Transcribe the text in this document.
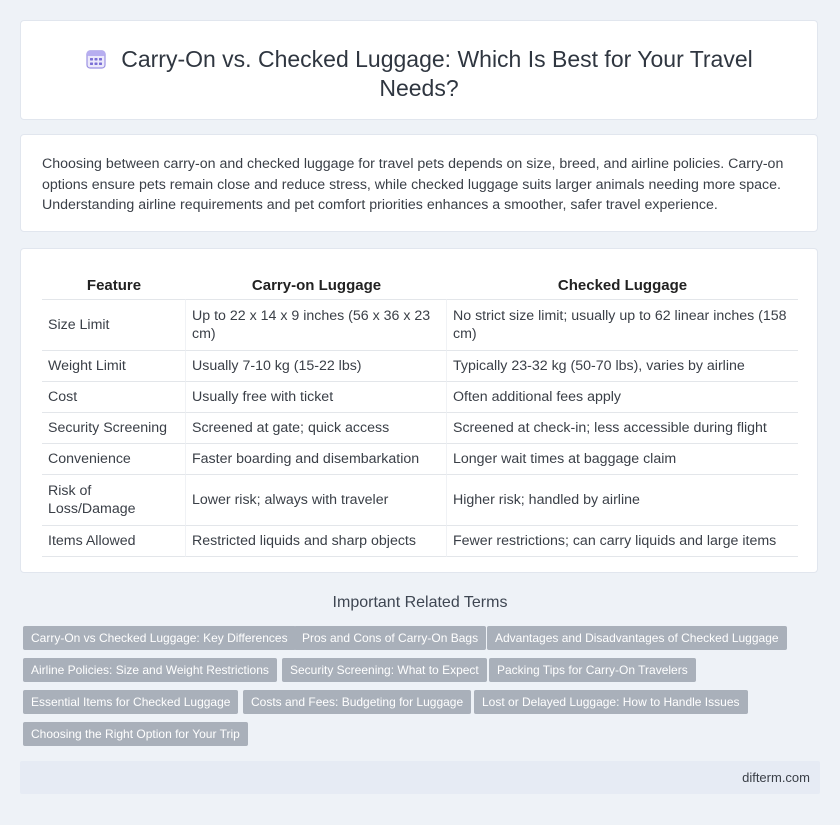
Carry-On vs. Checked Luggage: Which Is Best for Your Travel Needs?
Choosing between carry-on and checked luggage for travel pets depends on size, breed, and airline policies. Carry-on options ensure pets remain close and reduce stress, while checked luggage suits larger animals needing more space. Understanding airline requirements and pet comfort priorities enhances a smoother, safer travel experience.
Feature	Carry-on Luggage	Checked Luggage
Size Limit	Up to 22 x 14 x 9 inches (56 x 36 x 23 cm)	No strict size limit; usually up to 62 linear inches (158 cm)
Weight Limit	Usually 7-10 kg (15-22 lbs)	Typically 23-32 kg (50-70 lbs), varies by airline
Cost	Usually free with ticket	Often additional fees apply
Security Screening	Screened at gate; quick access	Screened at check-in; less accessible during flight
Convenience	Faster boarding and disembarkation	Longer wait times at baggage claim
Risk of Loss/Damage	Lower risk; always with traveler	Higher risk; handled by airline
Items Allowed	Restricted liquids and sharp objects	Fewer restrictions; can carry liquids and large items
Important Related Terms
Carry-On vs Checked Luggage: Key Differences	Pros and Cons of Carry-On Bags	Advantages and Disadvantages of Checked Luggage
Airline Policies: Size and Weight Restrictions	Security Screening: What to Expect	Packing Tips for Carry-On Travelers
Essential Items for Checked Luggage	Costs and Fees: Budgeting for Luggage	Lost or Delayed Luggage: How to Handle Issues
Choosing the Right Option for Your Trip
difterm.com
